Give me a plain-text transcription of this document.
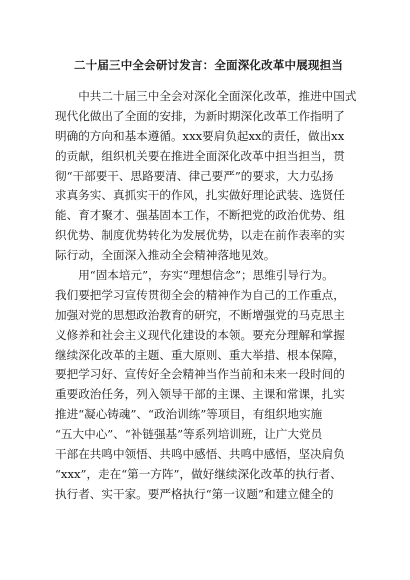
二十届三中全会研讨发言：全面深化改革中展现担当
　　中共二十届三中全会对深化全面深化改革，推进中国式
现代化做出了全面的安排，为新时期深化改革工作指明了
明确的方向和基本遵循。xxx要肩负起xx的责任，做出xx
的贡献，组织机关要在推进全面深化改革中担当担当，贯
彻“干部要干、思路要清、律己要严”的要求，大力弘扬
求真务实、真抓实干的作风，扎实做好理论武装、选贤任
能、育才聚才、强基固本工作，不断把党的政治优势、组
织优势、制度优势转化为发展优势，以走在前作表率的实
际行动，全面深入推动全会精神落地见效。
　　用“固本培元”，夯实“理想信念”；思维引导行为。
我们要把学习宣传贯彻全会的精神作为自己的工作重点，
加强对党的思想政治教育的研究，不断增强党的马克思主
义修养和社会主义现代化建设的本领。要充分理解和掌握
继续深化改革的主题、重大原则、重大举措、根本保障，
要把学习好、宣传好全会精神当作当前和未来一段时间的
重要政治任务，列入领导干部的主课、主课和常课，扎实
推进“凝心铸魂”、“政治训练”等项目，有组织地实施
“五大中心”、“补链强基”等系列培训班，让广大党员
干部在共鸣中领悟、共鸣中感悟、共鸣中感悟，坚决肩负
“xxx”，走在“第一方阵”，做好继续深化改革的执行者、
执行者、实干家。要严格执行“第一议题”和建立健全的
